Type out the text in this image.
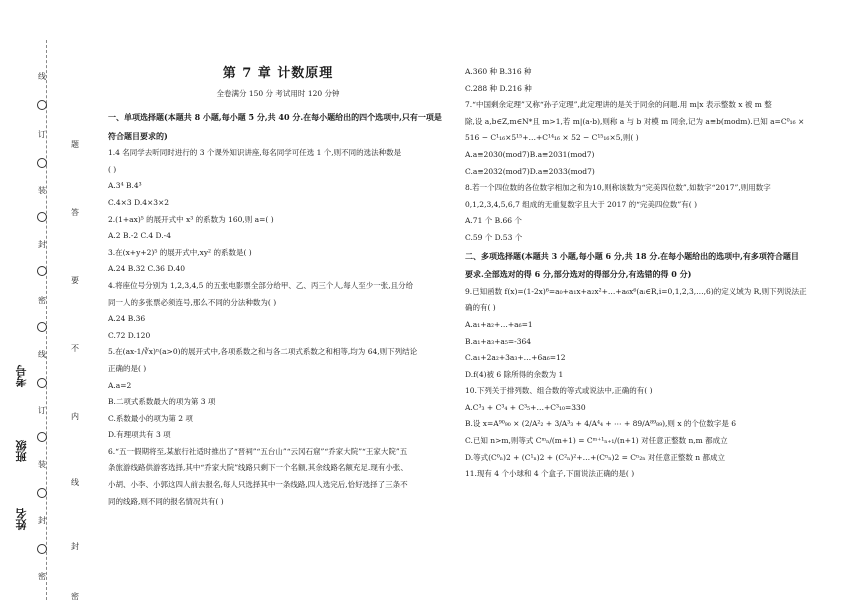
线
订
装
封
密
线
订
装
封
密
题
答
要
不
内
线
封
密
考号
班级
姓名
第 7 章 计数原理
全卷满分 150 分 考试用时 120 分钟

一、单项选择题(本题共 8 小题,每小题 5 分,共 40 分.在每小题给出的四个选项中,只有一项是

符合题目要求的)

1.4 名同学去听同时进行的 3 个课外知识讲座,每名同学可任选 1 个,则不同的选法种数是

( )

A.3⁴ B.4³

C.4×3 D.4×3×2

2.(1+ax)⁵ 的展开式中 x³ 的系数为 160,则 a=( )

A.2 B.-2 C.4 D.-4

3.在(x+y+2)⁵ 的展开式中,xy² 的系数是( )

A.24 B.32 C.36 D.40

4.将座位号分别为 1,2,3,4,5 的五张电影票全部分给甲、乙、丙三个人,每人至少一张,且分给

同一人的多张票必须连号,那么不同的分法种数为( )

A.24 B.36

C.72 D.120

5.在(ax-1/∛x)ⁿ(a>0)的展开式中,各项系数之和与各二项式系数之和相等,均为 64,则下列结论

正确的是( )

A.a=2

B.二项式系数最大的项为第 3 项

C.系数最小的项为第 2 项

D.有理项共有 3 项

6.“五一假期将至,某旅行社适时推出了“晋祠”“五台山”“云冈石窟”“乔家大院”“王家大院”五

条旅游线路供游客选择,其中“乔家大院”线路只剩下一个名额,其余线路名额充足.现有小张、

小胡、小李、小郭这四人前去报名,每人只选择其中一条线路,四人选完后,恰好选择了三条不

同的线路,则不同的报名情况共有( )

A.360 种 B.316 种

C.288 种 D.216 种

7.“中国剩余定理”又称“孙子定理”,此定理讲的是关于同余的问题.用 m|x 表示整数 x 被 m 整

除,设 a,b∈Z,m∈N*且 m>1,若 m|(a-b),则称 a 与 b 对模 m 同余,记为 a≡b(modm).已知 a=C⁰₁₆ ×

516 − C¹₁₆×5¹⁵+…+C¹⁴₁₆ × 52 − C¹⁵₁₆×5,则( )

A.a≡2030(mod7)B.a≡2031(mod7)

C.a≡2032(mod7)D.a≡2033(mod7)

8.若一个四位数的各位数字相加之和为10,则称该数为“完美四位数”,如数字“2017”,则用数字

0,1,2,3,4,5,6,7 组成的无重复数字且大于 2017 的“完美四位数”有( )

A.71 个 B.66 个

C.59 个 D.53 个

二、多项选择题(本题共 3 小题,每小题 6 分,共 18 分.在每小题给出的选项中,有多项符合题目

要求.全部选对的得 6 分,部分选对的得部分分,有选错的得 0 分)

9.已知函数 f(x)=(1-2x)⁶=a₀+a₁x+a₂x²+…+a₆x⁶(aᵢ∈R,i=0,1,2,3,…,6)的定义域为 R,则下列说法正

确的有( )

A.a₁+a₂+…+a₆=1

B.a₁+a₃+a₅=-364

C.a₁+2a₂+3a₃+…+6a₆=12

D.f(4)被 6 除所得的余数为 1

10.下列关于排列数、组合数的等式或说法中,正确的有( )

A.C³₃ + C³₄ + C³₅+…+C³₁₀=330

B.设 x=A⁹⁰₉₀ × (2/A²₂ + 3/A³₃ + 4/A⁴₄ + ⋯ + 89/A⁸⁹₈₉),则 x 的个位数字是 6

C.已知 n>m,则等式 Cᵐₙ/(m+1) = Cᵐ⁺¹ₙ₊₁/(n+1) 对任意正整数 n,m 都成立

D.等式(C⁰ₙ)2 + (C¹ₙ)2 + (C²ₙ)²+…+(Cⁿₙ)2 = Cⁿ₂ₙ 对任意正整数 n 都成立

11.现有 4 个小球和 4 个盒子,下面说法正确的是( )
